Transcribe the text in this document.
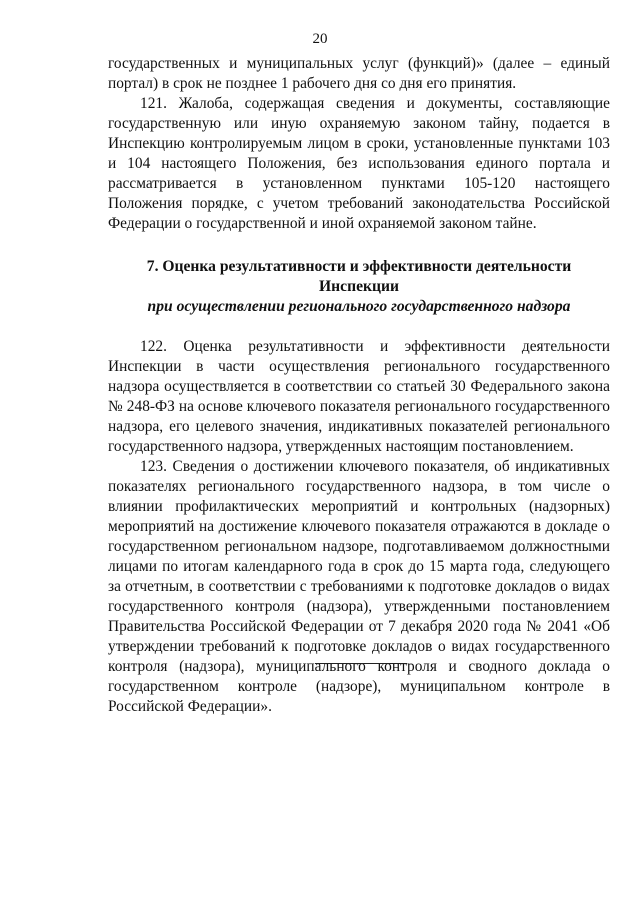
20

государственных и муниципальных услуг (функций)» (далее – единый портал) в срок не позднее 1 рабочего дня со дня его принятия.

121. Жалоба, содержащая сведения и документы, составляющие государственную или иную охраняемую законом тайну, подается в Инспекцию контролируемым лицом в сроки, установленные пунктами 103 и 104 настоящего Положения, без использования единого портала и рассматривается в установленном пунктами 105-120 настоящего Положения порядке, с учетом требований законодательства Российской Федерации о государственной и иной охраняемой законом тайне.

7. Оценка результативности и эффективности деятельности Инспекции
при осуществлении регионального государственного надзора

122. Оценка результативности и эффективности деятельности Инспекции в части осуществления регионального государственного надзора осуществляется в соответствии со статьей 30 Федерального закона № 248-ФЗ на основе ключевого показателя регионального государственного надзора, его целевого значения, индикативных показателей регионального государственного надзора, утвержденных настоящим постановлением.

123. Сведения о достижении ключевого показателя, об индикативных показателях регионального государственного надзора, в том числе о влиянии профилактических мероприятий и контрольных (надзорных) мероприятий на достижение ключевого показателя отражаются в докладе о государственном региональном надзоре, подготавливаемом должностными лицами по итогам календарного года в срок до 15 марта года, следующего за отчетным, в соответствии с требованиями к подготовке докладов о видах государственного контроля (надзора), утвержденными постановлением Правительства Российской Федерации от 7 декабря 2020 года № 2041 «Об утверждении требований к подготовке докладов о видах государственного контроля (надзора), муниципального контроля и сводного доклада о государственном контроле (надзоре), муниципальном контроле в Российской Федерации».
